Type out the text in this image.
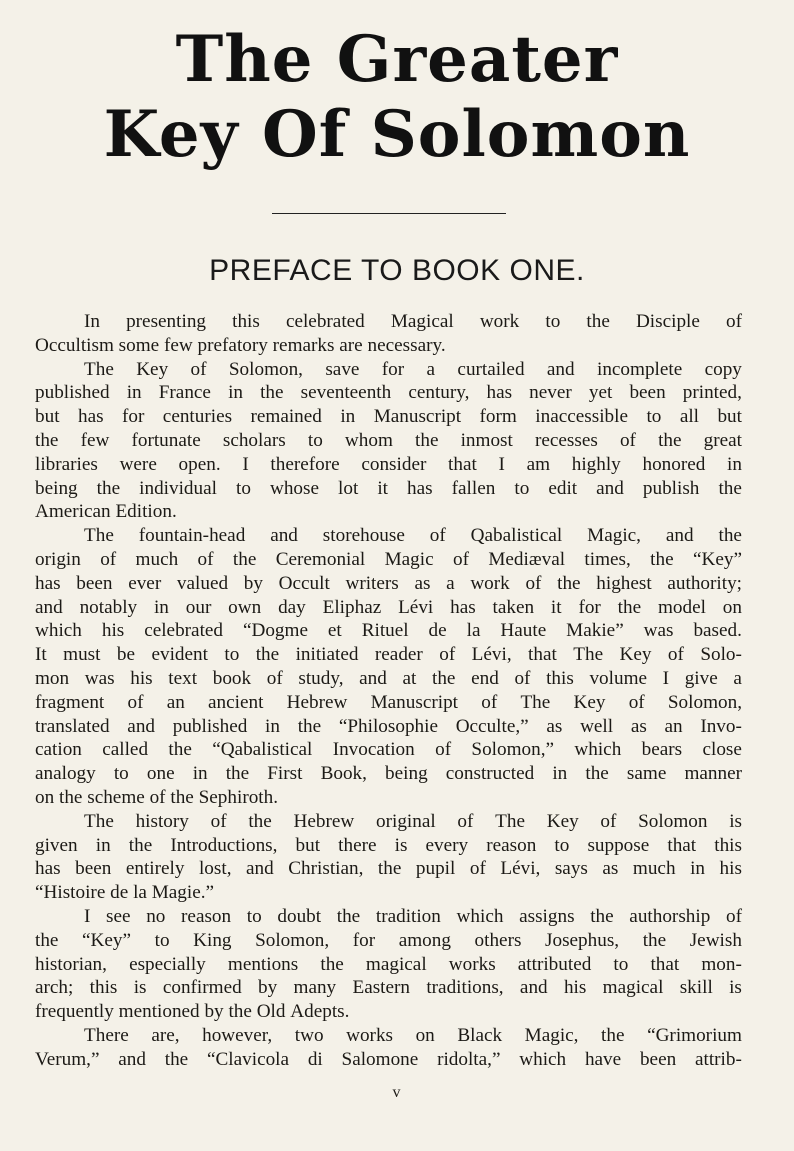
The Greater
Key Of Solomon
PREFACE TO BOOK ONE.
In presenting this celebrated Magical work to the Disciple of
Occultism some few prefatory remarks are necessary.
The Key of Solomon, save for a curtailed and incomplete copy
published in France in the seventeenth century, has never yet been printed,
but has for centuries remained in Manuscript form inaccessible to all but
the few fortunate scholars to whom the inmost recesses of the great
libraries were open. I therefore consider that I am highly honored in
being the individual to whose lot it has fallen to edit and publish the
American Edition.
The fountain-head and storehouse of Qabalistical Magic, and the
origin of much of the Ceremonial Magic of Mediæval times, the “Key”
has been ever valued by Occult writers as a work of the highest authority;
and notably in our own day Eliphaz Lévi has taken it for the model on
which his celebrated “Dogme et Rituel de la Haute Makie” was based.
It must be evident to the initiated reader of Lévi, that The Key of Solo-
mon was his text book of study, and at the end of this volume I give a
fragment of an ancient Hebrew Manuscript of The Key of Solomon,
translated and published in the “Philosophie Occulte,” as well as an Invo-
cation called the “Qabalistical Invocation of Solomon,” which bears close
analogy to one in the First Book, being constructed in the same manner
on the scheme of the Sephiroth.
The history of the Hebrew original of The Key of Solomon is
given in the Introductions, but there is every reason to suppose that this
has been entirely lost, and Christian, the pupil of Lévi, says as much in his
“Histoire de la Magie.”
I see no reason to doubt the tradition which assigns the authorship of
the “Key” to King Solomon, for among others Josephus, the Jewish
historian, especially mentions the magical works attributed to that mon-
arch; this is confirmed by many Eastern traditions, and his magical skill is
frequently mentioned by the Old Adepts.
There are, however, two works on Black Magic, the “Grimorium
Verum,” and the “Clavicola di Salomone ridolta,” which have been attrib-
v
